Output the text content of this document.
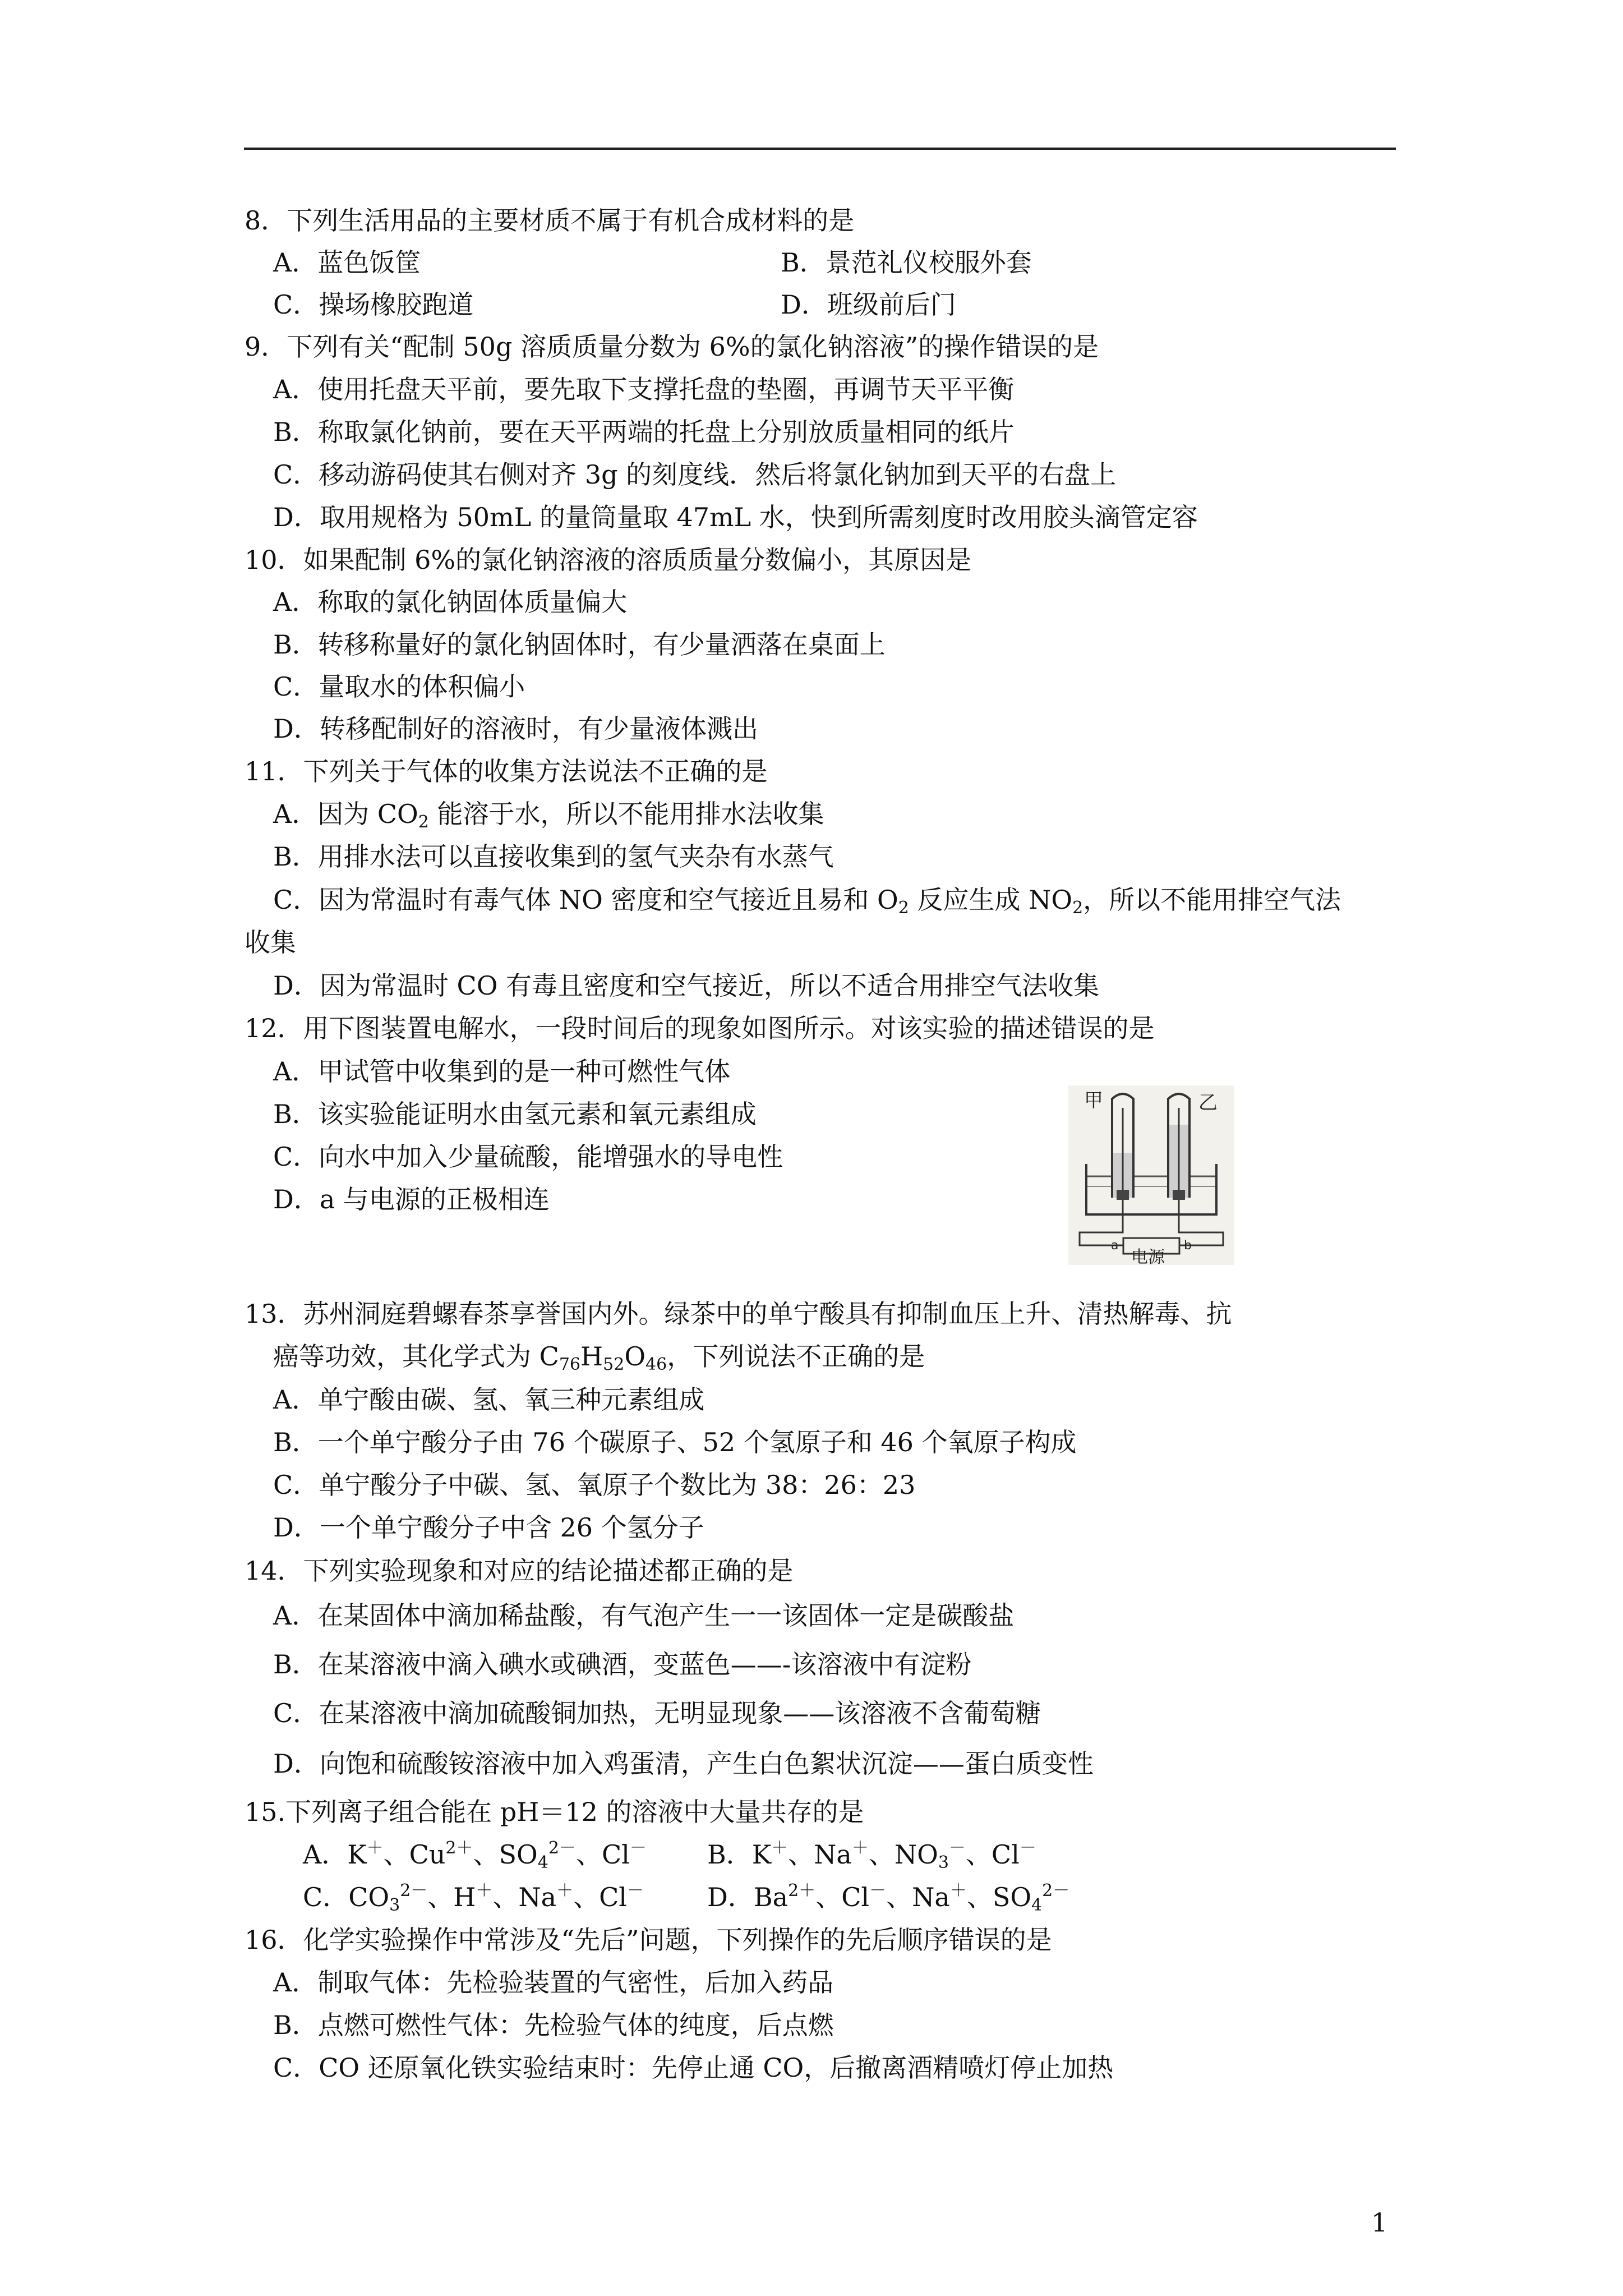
8．下列生活用品的主要材质不属于有机合成材料的是
A．蓝色饭筐	B．景范礼仪校服外套
C．操场橡胶跑道	D．班级前后门
9．下列有关“配制 50g 溶质质量分数为 6%的氯化钠溶液”的操作错误的是
A．使用托盘天平前，要先取下支撑托盘的垫圈，再调节天平平衡
B．称取氯化钠前，要在天平两端的托盘上分别放质量相同的纸片
C．移动游码使其右侧对齐 3g 的刻度线．然后将氯化钠加到天平的右盘上
D．取用规格为 50mL 的量筒量取 47mL 水，快到所需刻度时改用胶头滴管定容
10．如果配制 6%的氯化钠溶液的溶质质量分数偏小，其原因是
A．称取的氯化钠固体质量偏大
B．转移称量好的氯化钠固体时，有少量洒落在桌面上
C．量取水的体积偏小
D．转移配制好的溶液时，有少量液体溅出
11．下列关于气体的收集方法说法不正确的是
A．因为 $CO_2$ 能溶于水，所以不能用排水法收集
B．用排水法可以直接收集到的氢气夹杂有水蒸气
C．因为常温时有毒气体 NO 密度和空气接近且易和 $O_2$ 反应生成 $NO_2$，所以不能用排空气法
收集
D．因为常温时 CO 有毒且密度和空气接近，所以不适合用排空气法收集
12．用下图装置电解水，一段时间后的现象如图所示。对该实验的描述错误的是
A．甲试管中收集到的是一种可燃性气体
B．该实验能证明水由氢元素和氧元素组成
C．向水中加入少量硫酸，能增强水的导电性
D．a 与电源的正极相连
甲	乙
a	b
电源
13．苏州洞庭碧螺春茶享誉国内外。绿茶中的单宁酸具有抑制血压上升、清热解毒、抗
癌等功效，其化学式为 $C_{76}H_{52}O_{46}$，下列说法不正确的是
A．单宁酸由碳、氢、氧三种元素组成
B．一个单宁酸分子由 76 个碳原子、52 个氢原子和 46 个氧原子构成
C．单宁酸分子中碳、氢、氧原子个数比为 38：26：23
D．一个单宁酸分子中含 26 个氢分子
14．下列实验现象和对应的结论描述都正确的是
A．在某固体中滴加稀盐酸，有气泡产生一一该固体一定是碳酸盐
B．在某溶液中滴入碘水或碘酒，变蓝色——-该溶液中有淀粉
C．在某溶液中滴加硫酸铜加热，无明显现象——该溶液不含葡萄糖
D．向饱和硫酸铵溶液中加入鸡蛋清，产生白色絮状沉淀——蛋白质变性
15.下列离子组合能在 pH＝12 的溶液中大量共存的是
A．K＋、$Cu^{2+}$、$SO_4^{2-}$、Cl－ B．K＋、Na＋、$NO_3^-$、Cl－
C．$CO_3^{2-}$、H＋、Na＋、Cl－ D．$Ba^{2+}$、Cl－、Na＋、$SO_4^{2-}$
16．化学实验操作中常涉及“先后”问题，下列操作的先后顺序错误的是
A．制取气体：先检验装置的气密性，后加入药品
B．点燃可燃性气体：先检验气体的纯度，后点燃
C．CO 还原氧化铁实验结束时：先停止通 CO，后撤离酒精喷灯停止加热
1
